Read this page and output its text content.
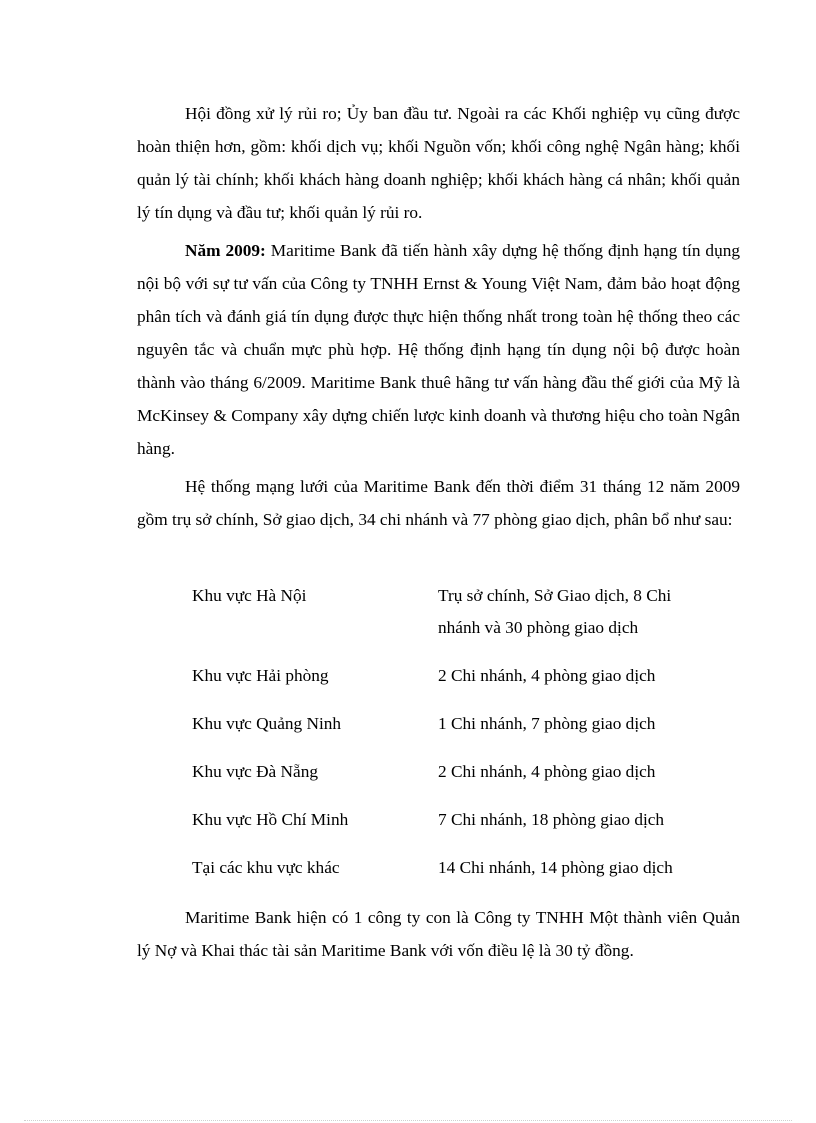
Hội đồng xử lý rủi ro; Ủy ban đầu tư. Ngoài ra các Khối nghiệp vụ cũng được hoàn thiện hơn, gồm: khối dịch vụ; khối Nguồn vốn; khối công nghệ Ngân hàng; khối quản lý tài chính; khối khách hàng doanh nghiệp; khối khách hàng cá nhân; khối quản lý tín dụng và đầu tư; khối quản lý rủi ro.

Năm 2009: Maritime Bank đã tiến hành xây dựng hệ thống định hạng tín dụng nội bộ với sự tư vấn của Công ty TNHH Ernst & Young Việt Nam, đảm bảo hoạt động phân tích và đánh giá tín dụng được thực hiện thống nhất trong toàn hệ thống theo các nguyên tắc và chuẩn mực phù hợp. Hệ thống định hạng tín dụng nội bộ được hoàn thành vào tháng 6/2009. Maritime Bank thuê hãng tư vấn hàng đầu thế giới của Mỹ là McKinsey & Company xây dựng chiến lược kinh doanh và thương hiệu cho toàn Ngân hàng.

Hệ thống mạng lưới của Maritime Bank đến thời điểm 31 tháng 12 năm 2009 gồm trụ sở chính, Sở giao dịch, 34 chi nhánh và 77 phòng giao dịch, phân bổ như sau:

Khu vực Hà Nội	Trụ sở chính, Sở Giao dịch, 8 Chi nhánh và 30 phòng giao dịch
Khu vực Hải phòng	2 Chi nhánh, 4 phòng giao dịch
Khu vực Quảng Ninh	1 Chi nhánh, 7 phòng giao dịch
Khu vực Đà Nẵng	2 Chi nhánh, 4 phòng giao dịch
Khu vực Hồ Chí Minh	7 Chi nhánh, 18 phòng giao dịch
Tại các khu vực khác	14 Chi nhánh, 14 phòng giao dịch

Maritime Bank hiện có 1 công ty con là Công ty TNHH Một thành viên Quản lý Nợ và Khai thác tài sản Maritime Bank với vốn điều lệ là 30 tỷ đồng.
